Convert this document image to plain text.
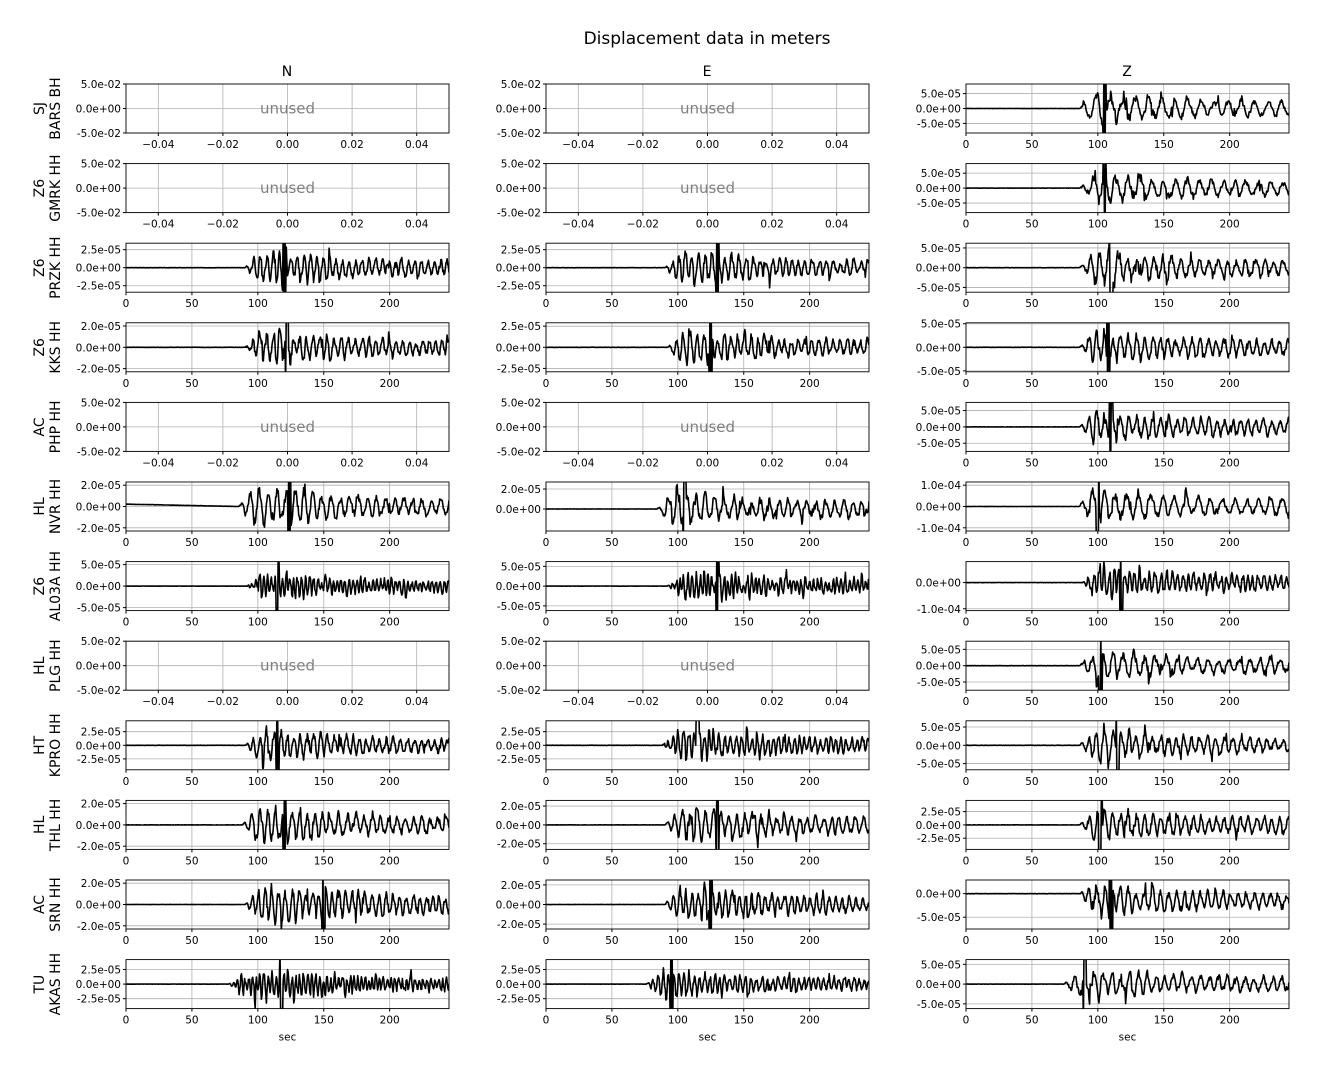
Displacement data in meters
N	E	Z
SJ BARS BH
−0.04	−0.02	0.00	0.02	0.04
5.0e-02
0.0e+00
-5.0e-02
unused
−0.04	−0.02	0.00	0.02	0.04
5.0e-02
0.0e+00
-5.0e-02
unused
0	50	100	150	200
5.0e-05
0.0e+00
-5.0e-05
Z6 GMRK HH
−0.04	−0.02	0.00	0.02	0.04
5.0e-02
0.0e+00
-5.0e-02
unused
−0.04	−0.02	0.00	0.02	0.04
5.0e-02
0.0e+00
-5.0e-02
unused
0	50	100	150	200
5.0e-05
0.0e+00
-5.0e-05
Z6 PRZK HH
0	50	100	150	200
2.5e-05
0.0e+00
-2.5e-05
0	50	100	150	200
2.5e-05
0.0e+00
-2.5e-05
0	50	100	150	200
5.0e-05
0.0e+00
-5.0e-05
Z6 KKS HH
0	50	100	150	200
2.0e-05
0.0e+00
-2.0e-05
0	50	100	150	200
2.5e-05
0.0e+00
-2.5e-05
0	50	100	150	200
5.0e-05
0.0e+00
-5.0e-05
AC PHP HH
−0.04	−0.02	0.00	0.02	0.04
5.0e-02
0.0e+00
-5.0e-02
unused
−0.04	−0.02	0.00	0.02	0.04
5.0e-02
0.0e+00
-5.0e-02
unused
0	50	100	150	200
5.0e-05
0.0e+00
-5.0e-05
HL NVR HH
0	50	100	150	200
2.0e-05
0.0e+00
-2.0e-05
0	50	100	150	200
2.0e-05
0.0e+00
0	50	100	150	200
1.0e-04
0.0e+00
-1.0e-04
Z6 AL03A HH
0	50	100	150	200
5.0e-05
0.0e+00
-5.0e-05
0	50	100	150	200
5.0e-05
0.0e+00
-5.0e-05
0	50	100	150	200
0.0e+00
-1.0e-04
HL PLG HH
−0.04	−0.02	0.00	0.02	0.04
5.0e-02
0.0e+00
-5.0e-02
unused
−0.04	−0.02	0.00	0.02	0.04
5.0e-02
0.0e+00
-5.0e-02
unused
0	50	100	150	200
5.0e-05
0.0e+00
-5.0e-05
HT KPRO HH
0	50	100	150	200
2.5e-05
0.0e+00
-2.5e-05
0	50	100	150	200
2.5e-05
0.0e+00
-2.5e-05
0	50	100	150	200
5.0e-05
0.0e+00
-5.0e-05
HL THL HH
0	50	100	150	200
2.0e-05
0.0e+00
-2.0e-05
0	50	100	150	200
2.0e-05
0.0e+00
-2.0e-05
0	50	100	150	200
2.5e-05
0.0e+00
-2.5e-05
AC SRN HH
0	50	100	150	200
2.0e-05
0.0e+00
-2.0e-05
0	50	100	150	200
2.0e-05
0.0e+00
-2.0e-05
0	50	100	150	200
0.0e+00
-5.0e-05
TU AKAS HH
0	50	100	150	200
2.5e-05
0.0e+00
-2.5e-05
sec
0	50	100	150	200
2.5e-05
0.0e+00
-2.5e-05
sec
0	50	100	150	200
5.0e-05
0.0e+00
-5.0e-05
sec
